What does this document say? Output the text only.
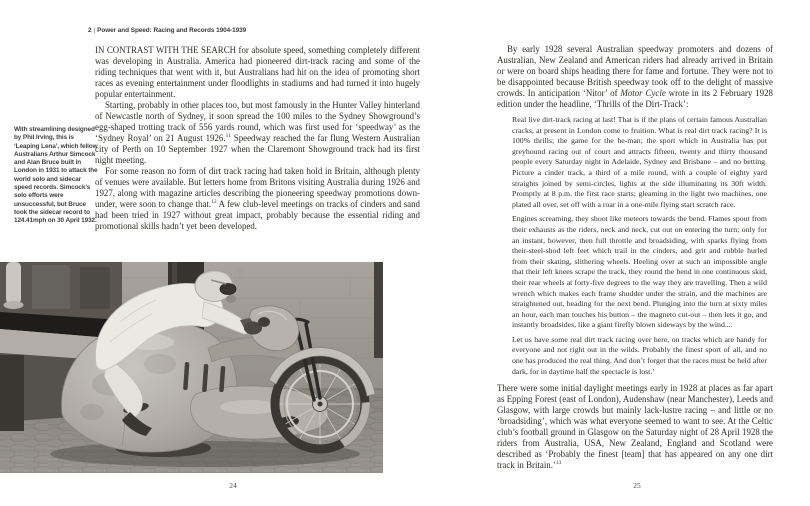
2 | Power and Speed: Racing and Records 1904-1939
With streamlining designed by Phil Irving, this is ‘Leaping Lena’, which fellow Australians Arthur Simcock and Alan Bruce built in London in 1931 to attack the world solo and sidecar speed records. Simcock’s solo efforts were unsuccessful, but Bruce took the sidecar record to 124.41mph on 30 April 1932.

IN CONTRAST WITH THE SEARCH for absolute speed, something completely different was developing in Australia. America had pioneered dirt-track racing and some of the riding techniques that went with it, but Australians had hit on the idea of promoting short races as evening entertainment under floodlights in stadiums and had turned it into hugely popular entertainment.

Starting, probably in other places too, but most famously in the Hunter Valley hinterland of Newcastle north of Sydney, it soon spread the 100 miles to the Sydney Showground’s egg-shaped trotting track of 556 yards round, which was first used for ‘speedway’ as the ‘Sydney Royal’ on 21 August 1926.11 Speedway reached the far flung Western Australian city of Perth on 10 September 1927 when the Claremont Showground track had its first night meeting.

For some reason no form of dirt track racing had taken hold in Britain, although plenty of venues were available. But letters home from Britons visiting Australia during 1926 and 1927, along with magazine articles describing the pioneering speedway promotions down-under, were soon to change that.$^{12}$ A few club-level meetings on tracks of cinders and sand had been tried in 1927 without great impact, probably because the essential riding and promotional skills hadn’t yet been developed.

24

By early 1928 several Australian speedway promoters and dozens of Australian, New Zealand and American riders had already arrived in Britain or were on board ships heading there for fame and fortune. They were not to be disappointed because British speedway took off to the delight of massive crowds. In anticipation ‘Nitor’ of Motor Cycle wrote in its 2 February 1928 edition under the headline, ‘Thrills of the Dirt-Track’:

Real live dirt-track racing at last! That is if the plans of certain famous Australian cracks, at present in London come to fruition. What is real dirt track racing? It is 100% thrills; the game for the he-man; the sport which in Australia has put greyhound racing out of court and attracts fifteen, twenty and thirty thousand people every Saturday night in Adelaide, Sydney and Brisbane – and no betting. Picture a cinder track, a third of a mile round, with a couple of eighty yard straights joined by semi-circles, lights at the side illuminating its 30ft width. Promptly at 8 p.m. the first race starts; gleaming in the light two machines, one plated all over, set off with a roar in a one-mile flying start scratch race.

Engines screaming, they shoot like meteors towards the bend. Flames spout from their exhausts as the riders, neck and neck, cut out on entering the turn; only for an instant, however, then full throttle and broadsiding, with sparks flying from their-steel-shod left feet which trail in the cinders, and grit and rubble hurled from their skating, slithering wheels. Heeling over at such an impossible angle that their left knees scrape the track, they round the bend in one continuous skid, their rear wheels at forty-five degrees to the way they are travelling. Then a wild wrench which makes each frame shudder under the strain, and the machines are straightened out, heading for the next bend. Plunging into the turn at sixty miles an hour, each man touches his button – the magneto cut-out – then lets it go, and instantly broadsides, like a giant firefly blown sideways by the wind....

Let us have some real dirt track racing over here, on tracks which are handy for everyone and not right out in the wilds. Probably the finest sport of all, and no one has produced the real thing. And don’t forget that the races must be held after dark, for in daytime half the spectacle is lost.’

There were some initial daylight meetings early in 1928 at places as far apart as Epping Forest (east of London), Audenshaw (near Manchester), Leeds and Glasgow, with large crowds but mainly lack-lustre racing – and little or no ‘broadsiding’, which was what everyone seemed to want to see. At the Celtic club’s football ground in Glasgow on the Saturday night of 28 April 1928 the riders from Australia, USA, New Zealand, England and Scotland were described as ‘Probably the finest [team] that has appeared on any one dirt track in Britain.’$^{13}$

25
